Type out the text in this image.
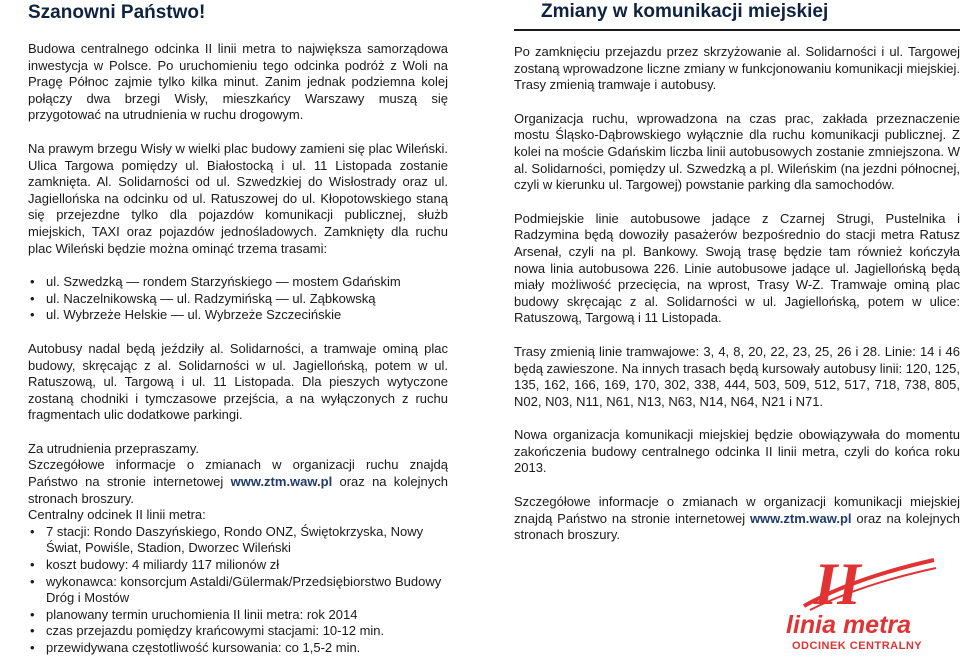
Szanowni Państwo!

Budowa centralnego odcinka II linii metra to największa samorządowa inwestycja w Polsce. Po uruchomieniu tego odcinka podróż z Woli na Pragę Północ zajmie tylko kilka minut. Zanim jednak podziemna kolej połączy dwa brzegi Wisły, mieszkańcy Warszawy muszą się przygotować na utrudnienia w ruchu drogowym.

Na prawym brzegu Wisły w wielki plac budowy zamieni się plac Wileński. Ulica Targowa pomiędzy ul. Białostocką i ul. 11 Listopada zostanie zamknięta. Al. Solidarności od ul. Szwedzkiej do Wisłostrady oraz ul. Jagiellońska na odcinku od ul. Ratuszowej do ul. Kłopotowskiego staną się przejezdne tylko dla pojazdów komunikacji publicznej, służb miejskich, TAXI oraz pojazdów jednośladowych. Zamknięty dla ruchu plac Wileński będzie można ominąć trzema trasami:

• ul. Szwedzką — rondem Starzyńskiego — mostem Gdańskim
• ul. Naczelnikowską — ul. Radzymińską — ul. Ząbkowską
• ul. Wybrzeże Helskie — ul. Wybrzeże Szczecińskie

Autobusy nadal będą jeździły al. Solidarności, a tramwaje ominą plac budowy, skręcając z al. Solidarności w ul. Jagiellońską, potem w ul. Ratuszową, ul. Targową i ul. 11 Listopada. Dla pieszych wytyczone zostaną chodniki i tymczasowe przejścia, a na wyłączonych z ruchu fragmentach ulic dodatkowe parkingi.

Za utrudnienia przepraszamy.

Szczegółowe informacje o zmianach w organizacji ruchu znajdą Państwo na stronie internetowej www.ztm.waw.pl oraz na kolejnych stronach broszury.

Centralny odcinek II linii metra:

• 7 stacji: Rondo Daszyńskiego, Rondo ONZ, Świętokrzyska, Nowy Świat, Powiśle, Stadion, Dworzec Wileński
• koszt budowy: 4 miliardy 117 milionów zł
• wykonawca: konsorcjum Astaldi/Gülermak/Przedsiębiorstwo Budowy Dróg i Mostów
• planowany termin uruchomienia II linii metra: rok 2014
• czas przejazdu pomiędzy krańcowymi stacjami: 10-12 min.
• przewidywana częstotliwość kursowania: co 1,5-2 min.
Zmiany w komunikacji miejskiej

Po zamknięciu przejazdu przez skrzyżowanie al. Solidarności i ul. Targowej zostaną wprowadzone liczne zmiany w funkcjonowaniu komunikacji miejskiej. Trasy zmienią tramwaje i autobusy.

Organizacja ruchu, wprowadzona na czas prac, zakłada przeznaczenie mostu Śląsko-Dąbrowskiego wyłącznie dla ruchu komunikacji publicznej. Z kolei na moście Gdańskim liczba linii autobusowych zostanie zmniejszona. W al. Solidarności, pomiędzy ul. Szwedzką a pl. Wileńskim (na jezdni północnej, czyli w kierunku ul. Targowej) powstanie parking dla samochodów.

Podmiejskie linie autobusowe jadące z Czarnej Strugi, Pustelnika i Radzymina będą dowoziły pasażerów bezpośrednio do stacji metra Ratusz Arsenał, czyli na pl. Bankowy. Swoją trasę będzie tam również kończyła nowa linia autobusowa 226. Linie autobusowe jadące ul. Jagiellońską będą miały możliwość przecięcia, na wprost, Trasy W-Z. Tramwaje ominą plac budowy skręcając z al. Solidarności w ul. Jagiellońską, potem w ulice: Ratuszową, Targową i 11 Listopada.

Trasy zmienią linie tramwajowe: 3, 4, 8, 20, 22, 23, 25, 26 i 28. Linie: 14 i 46 będą zawieszone. Na innych trasach będą kursowały autobusy linii: 120, 125, 135, 162, 166, 169, 170, 302, 338, 444, 503, 509, 512, 517, 718, 738, 805, N02, N03, N11, N61, N13, N63, N14, N64, N21 i N71.

Nowa organizacja komunikacji miejskiej będzie obowiązywała do momentu zakończenia budowy centralnego odcinka II linii metra, czyli do końca roku 2013.

Szczegółowe informacje o zmianach w organizacji komunikacji miejskiej znajdą Państwo na stronie internetowej www.ztm.waw.pl oraz na kolejnych stronach broszury.

II
linia metra
ODCINEK CENTRALNY
